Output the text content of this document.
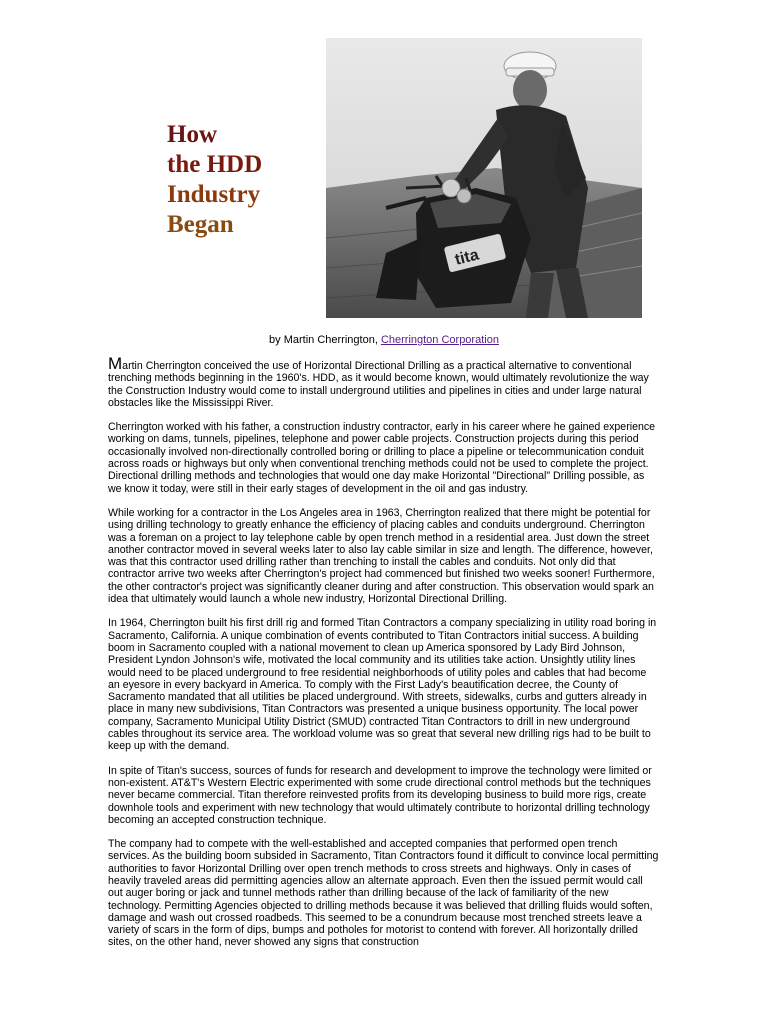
How
the HDD
Industry
Began
tita
by Martin Cherrington, Cherrington Corporation

Martin Cherrington conceived the use of Horizontal Directional Drilling as a practical alternative to conventional trenching methods beginning in the 1960's. HDD, as it would become known, would ultimately revolutionize the way the Construction Industry would come to install underground utilities and pipelines in cities and under large natural obstacles like the Mississippi River.

Cherrington worked with his father, a construction industry contractor, early in his career where he gained experience working on dams, tunnels, pipelines, telephone and power cable projects. Construction projects during this period occasionally involved non-directionally controlled boring or drilling to place a pipeline or telecommunication conduit across roads or highways but only when conventional trenching methods could not be used to complete the project. Directional drilling methods and technologies that would one day make Horizontal "Directional" Drilling possible, as we know it today, were still in their early stages of development in the oil and gas industry.

While working for a contractor in the Los Angeles area in 1963, Cherrington realized that there might be potential for using drilling technology to greatly enhance the efficiency of placing cables and conduits underground. Cherrington was a foreman on a project to lay telephone cable by open trench method in a residential area. Just down the street another contractor moved in several weeks later to also lay cable similar in size and length. The difference, however, was that this contractor used drilling rather than trenching to install the cables and conduits. Not only did that contractor arrive two weeks after Cherrington's project had commenced but finished two weeks sooner! Furthermore, the other contractor's project was significantly cleaner during and after construction. This observation would spark an idea that ultimately would launch a whole new industry, Horizontal Directional Drilling.

In 1964, Cherrington built his first drill rig and formed Titan Contractors a company specializing in utility road boring in Sacramento, California. A unique combination of events contributed to Titan Contractors initial success. A building boom in Sacramento coupled with a national movement to clean up America sponsored by Lady Bird Johnson, President Lyndon Johnson's wife, motivated the local community and its utilities take action. Unsightly utility lines would need to be placed underground to free residential neighborhoods of utility poles and cables that had become an eyesore in every backyard in America. To comply with the First Lady's beautification decree, the County of Sacramento mandated that all utilities be placed underground. With streets, sidewalks, curbs and gutters already in place in many new subdivisions, Titan Contractors was presented a unique business opportunity. The local power company, Sacramento Municipal Utility District (SMUD) contracted Titan Contractors to drill in new underground cables throughout its service area. The workload volume was so great that several new drilling rigs had to be built to keep up with the demand.

In spite of Titan's success, sources of funds for research and development to improve the technology were limited or non-existent. AT&T's Western Electric experimented with some crude directional control methods but the techniques never became commercial. Titan therefore reinvested profits from its developing business to build more rigs, create downhole tools and experiment with new technology that would ultimately contribute to horizontal drilling technology becoming an accepted construction technique.

The company had to compete with the well-established and accepted companies that performed open trench services. As the building boom subsided in Sacramento, Titan Contractors found it difficult to convince local permitting authorities to favor Horizontal Drilling over open trench methods to cross streets and highways. Only in cases of heavily traveled areas did permitting agencies allow an alternate approach. Even then the issued permit would call out auger boring or jack and tunnel methods rather than drilling because of the lack of familiarity of the new technology. Permitting Agencies objected to drilling methods because it was believed that drilling fluids would soften, damage and wash out crossed roadbeds. This seemed to be a conundrum because most trenched streets leave a variety of scars in the form of dips, bumps and potholes for motorist to contend with forever. All horizontally drilled sites, on the other hand, never showed any signs that construction
